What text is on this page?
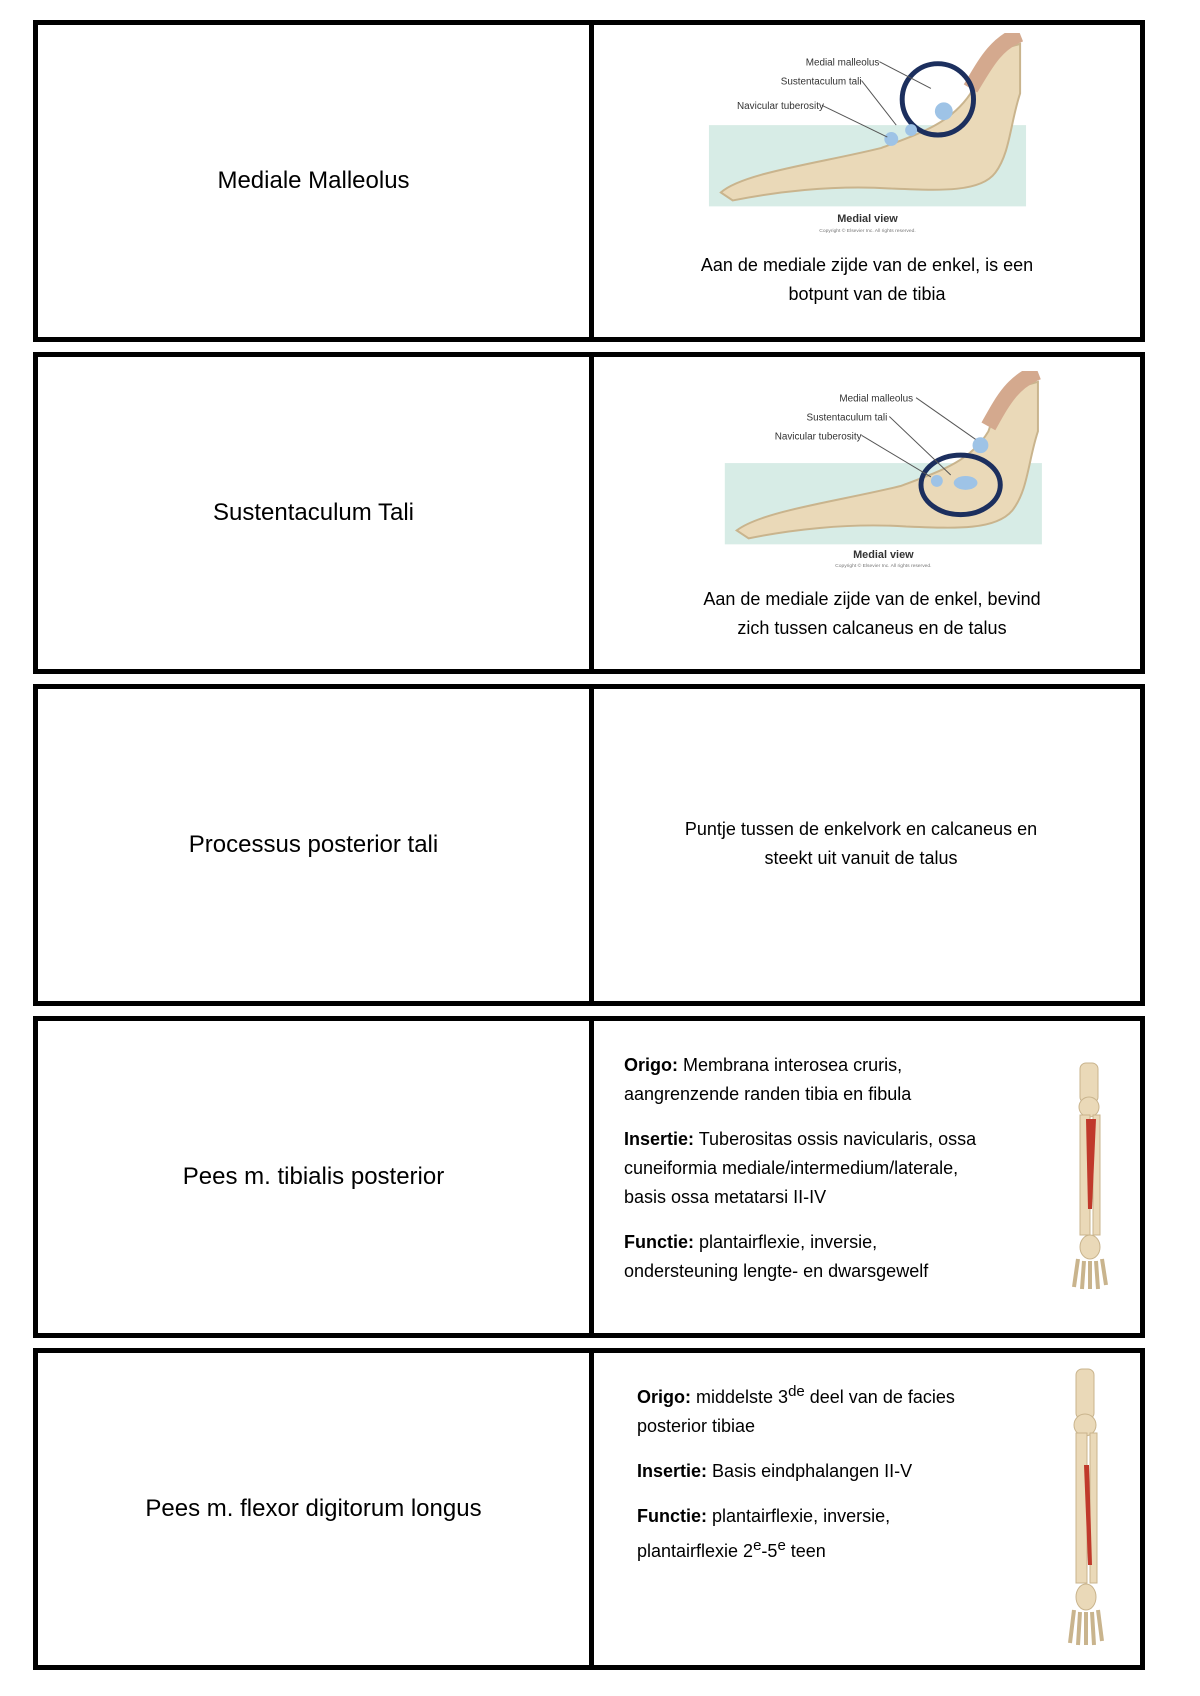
Mediale Malleolus
Medial malleolus
Sustentaculum tali
Navicular tuberosity
Medial view
Copyright © Elsevier Inc. All rights reserved.
Aan de mediale zijde van de enkel, is een
botpunt van de tibia
Sustentaculum Tali
Medial malleolus
Sustentaculum tali
Navicular tuberosity
Medial view
Copyright © Elsevier Inc. All rights reserved.
Aan de mediale zijde van de enkel, bevind
zich tussen calcaneus en de talus
Processus posterior tali
Puntje tussen de enkelvork en calcaneus en
steekt uit vanuit de talus
Pees m. tibialis posterior

Origo: Membrana interosea cruris,
aangrenzende randen tibia en fibula

Insertie: Tuberositas ossis navicularis, ossa
cuneiformia mediale/intermedium/laterale,
basis ossa metatarsi II-IV

Functie: plantairflexie, inversie,
ondersteuning lengte- en dwarsgewelf

Pees m. flexor digitorum longus

Origo: middelste 3de deel van de facies
posterior tibiae

Insertie: Basis eindphalangen II-V

Functie: plantairflexie, inversie,
plantairflexie 2e-5e teen
